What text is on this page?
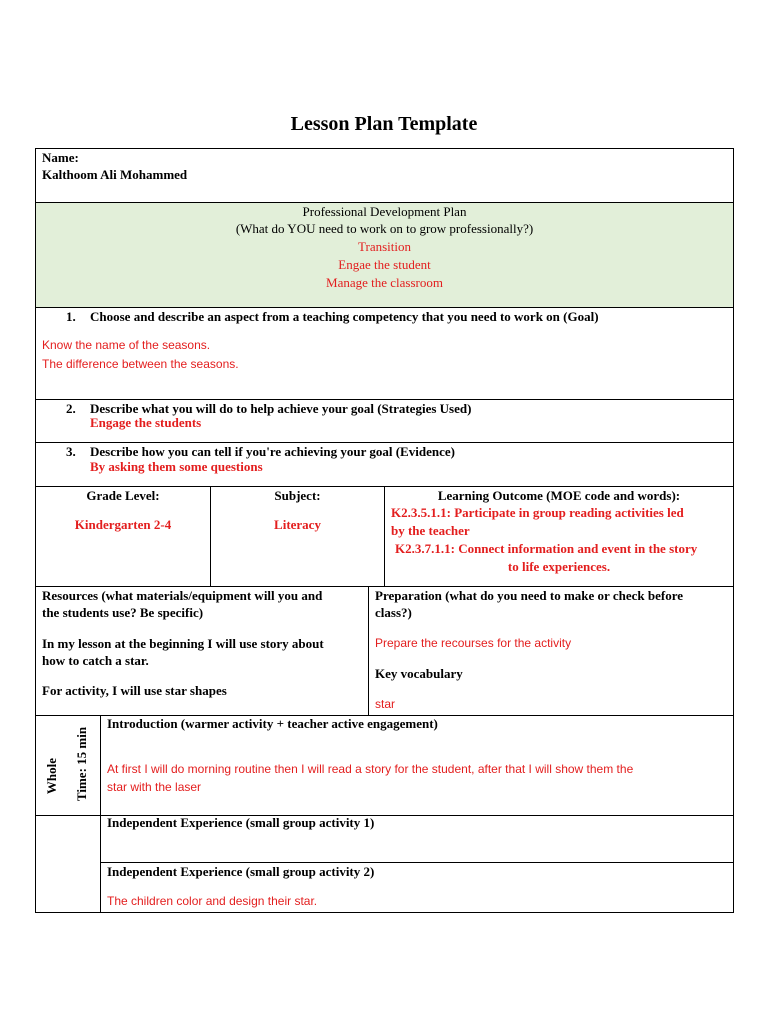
Lesson Plan Template
Name:
Kalthoom Ali Mohammed
Professional Development Plan
(What do YOU need to work on to grow professionally?)
Transition
Engae the student
Manage the classroom
1. Choose and describe an aspect from a teaching competency that you need to work on (Goal)
Know the name of the seasons.
The difference between the seasons.
2. Describe what you will do to help achieve your goal (Strategies Used)
Engage the students
3. Describe how you can tell if you're achieving your goal (Evidence)
By asking them some questions
Grade Level:
Kindergarten 2-4
Subject:
Literacy
Learning Outcome (MOE code and words):
K2.3.5.1.1: Participate in group reading activities led
by the teacher
K2.3.7.1.1: Connect information and event in the story
to life experiences.
Resources (what materials/equipment will you and
the students use? Be specific)
In my lesson at the beginning I will use story about
how to catch a star.
For activity, I will use star shapes
Preparation (what do you need to make or check before
class?)
Prepare the recourses for the activity
Key vocabulary
star
Whole Time: 15 min
Introduction (warmer activity + teacher active engagement)
At first I will do morning routine then I will read a story for the student, after that I will show them the
star with the laser
Independent Experience (small group activity 1)
Independent Experience (small group activity 2)
The children color and design their star.
